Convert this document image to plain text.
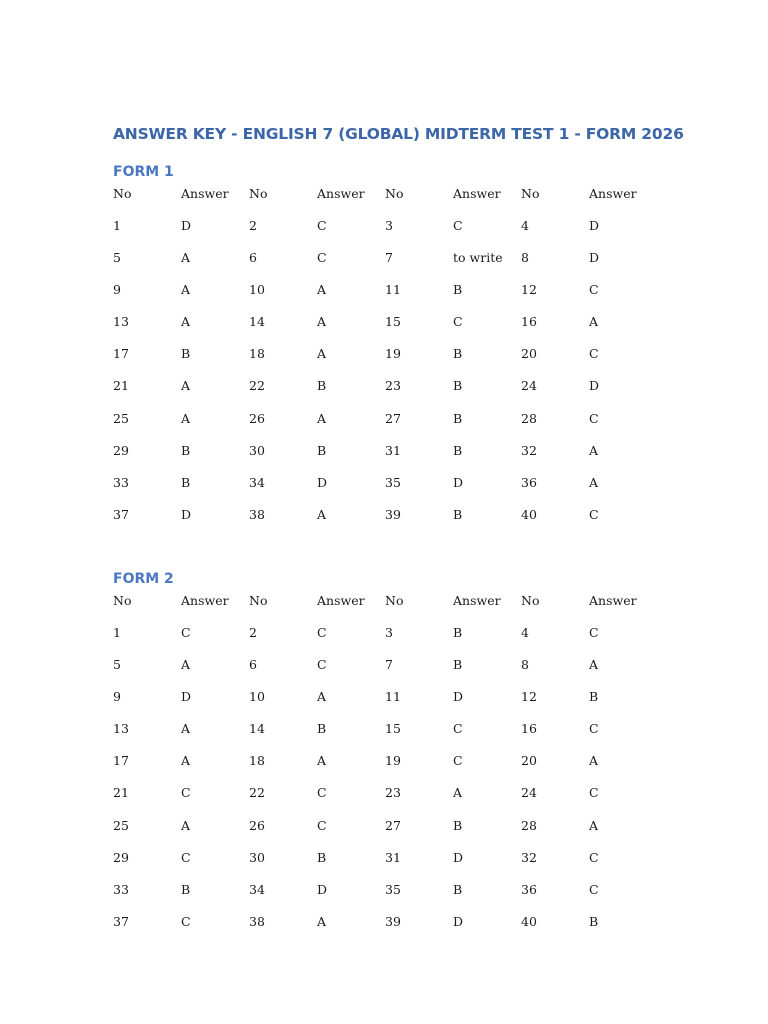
ANSWER KEY - ENGLISH 7 (GLOBAL) MIDTERM TEST 1 - FORM 2026
FORM 1
No	Answer	No	Answer	No	Answer	No	Answer
1	D	2	C	3	C	4	D
5	A	6	C	7	to write	8	D
9	A	10	A	11	B	12	C
13	A	14	A	15	C	16	A
17	B	18	A	19	B	20	C
21	A	22	B	23	B	24	D
25	A	26	A	27	B	28	C
29	B	30	B	31	B	32	A
33	B	34	D	35	D	36	A
37	D	38	A	39	B	40	C
FORM 2
No	Answer	No	Answer	No	Answer	No	Answer
1	C	2	C	3	B	4	C
5	A	6	C	7	B	8	A
9	D	10	A	11	D	12	B
13	A	14	B	15	C	16	C
17	A	18	A	19	C	20	A
21	C	22	C	23	A	24	C
25	A	26	C	27	B	28	A
29	C	30	B	31	D	32	C
33	B	34	D	35	B	36	C
37	C	38	A	39	D	40	B
